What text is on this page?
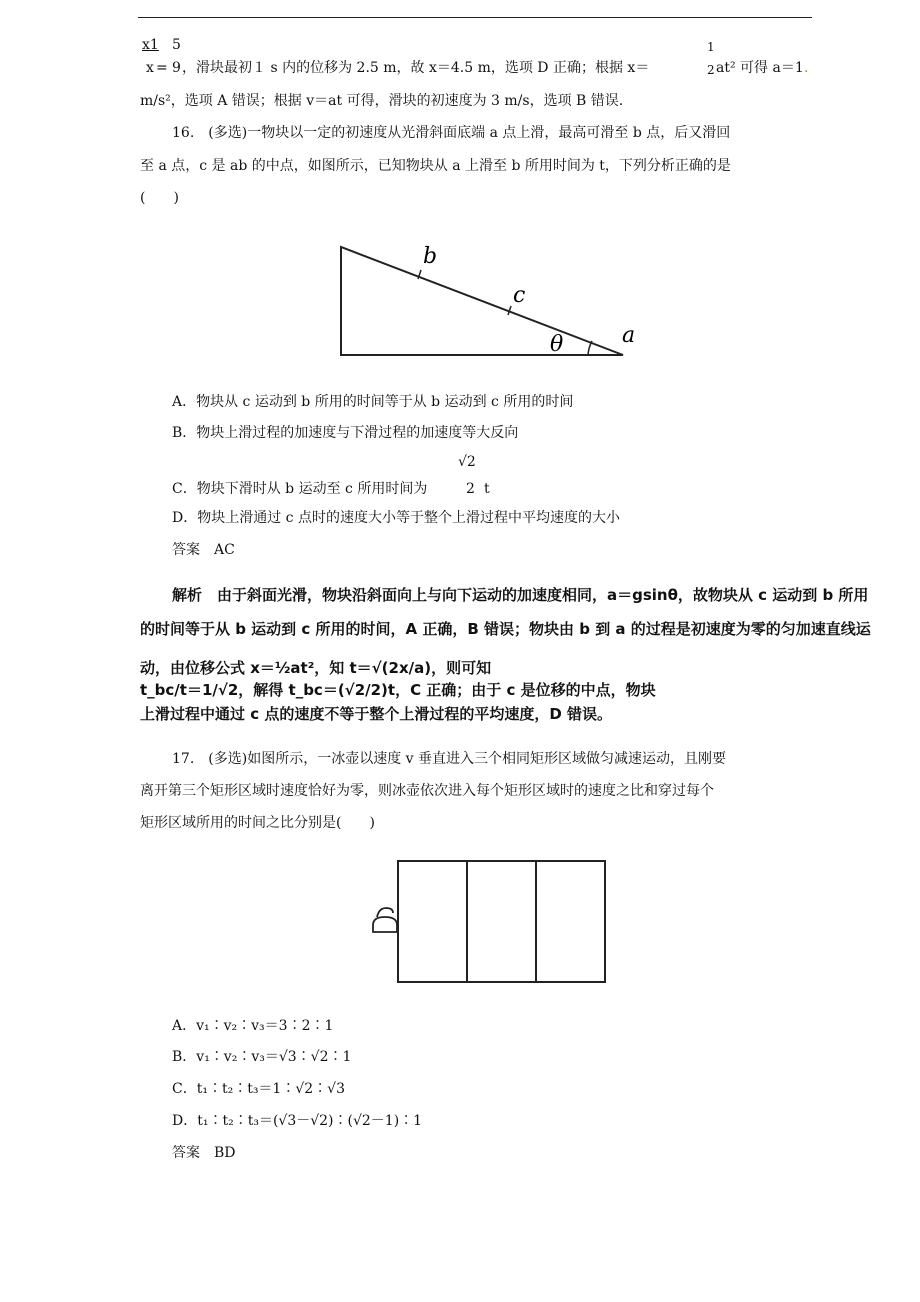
x1 5
x = 9 ，滑块最初１ s 内的位移为 2.5 m，故 x＝4.5 m，选项 D 正确；根据 x＝
1
2 at² 可得 a＝1 .
m/s²，选项 A 错误；根据 v＝at 可得，滑块的初速度为 3 m/s，选项 B 错误.
16.　(多选)一物块以一定的初速度从光滑斜面底端 a 点上滑，最高可滑至 b 点，后又滑回
至 a 点，c 是 ab 的中点，如图所示，已知物块从 a 上滑至 b 所用时间为 t，下列分析正确的是
(　　)
b
c
θ	a
A．物块从 c 运动到 b 所用的时间等于从 b 运动到 c 所用的时间
B．物块上滑过程的加速度与下滑过程的加速度等大反向
√2
C．物块下滑时从 b 运动至 c 所用时间为	2 t
D．物块上滑通过 c 点时的速度大小等于整个上滑过程中平均速度的大小
答案　AC
解析　由于斜面光滑，物块沿斜面向上与向下运动的加速度相同，a＝gsinθ，故物块从 c 运动到 b 所用
的时间等于从 b 运动到 c 所用的时间，A 正确，B 错误；物块由 b 到 a 的过程是初速度为零的匀加速直线运
动，由位移公式 x＝½at²，知 t＝√(2x/a)，则可知
t_bc/t＝1/√2，解得 t_bc＝(√2/2)t，C 正确；由于 c 是位移的中点，物块
上滑过程中通过 c 点的速度不等于整个上滑过程的平均速度，D 错误。
17.　(多选)如图所示，一冰壶以速度 v 垂直进入三个相同矩形区域做匀减速运动，且刚要
离开第三个矩形区域时速度恰好为零，则冰壶依次进入每个矩形区域时的速度之比和穿过每个
矩形区域所用的时间之比分别是(　　)
A．v₁∶v₂∶v₃＝3∶2∶1
B．v₁∶v₂∶v₃＝√3∶√2∶1
C．t₁∶t₂∶t₃＝1∶√2∶√3
D．t₁∶t₂∶t₃＝(√3－√2)∶(√2－1)∶1
答案　BD
